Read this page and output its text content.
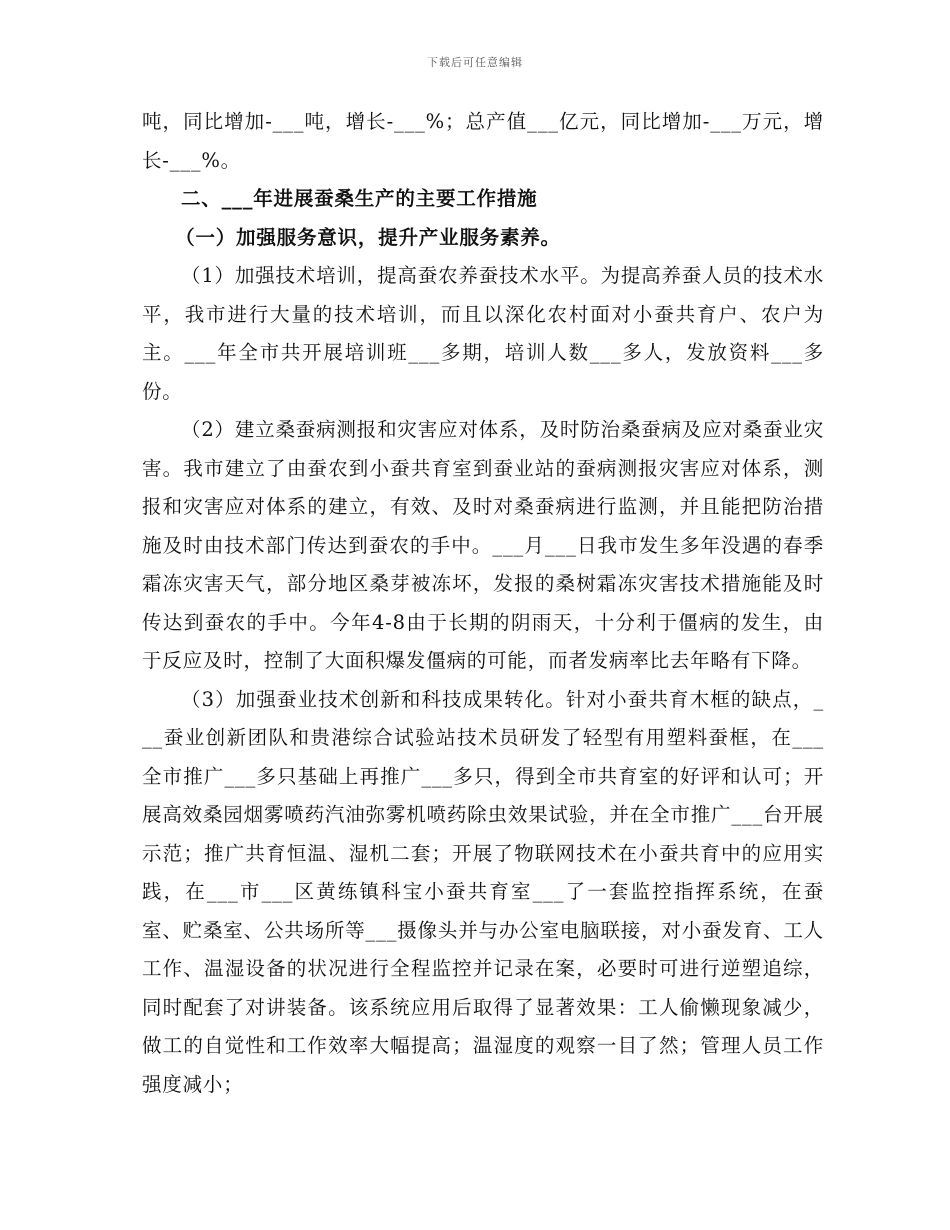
下载后可任意编辑

吨，同比增加-___吨，增长-___%；总产值___亿元，同比增加-___万元，增长-___%。

二、___年进展蚕桑生产的主要工作措施

（一）加强服务意识，提升产业服务素养。

（1）加强技术培训，提高蚕农养蚕技术水平。为提高养蚕人员的技术水平，我市进行大量的技术培训，而且以深化农村面对小蚕共育户、农户为主。___年全市共开展培训班___多期，培训人数___多人，发放资料___多份。

（2）建立桑蚕病测报和灾害应对体系，及时防治桑蚕病及应对桑蚕业灾害。我市建立了由蚕农到小蚕共育室到蚕业站的蚕病测报灾害应对体系，测报和灾害应对体系的建立，有效、及时对桑蚕病进行监测，并且能把防治措施及时由技术部门传达到蚕农的手中。___月___日我市发生多年没遇的春季霜冻灾害天气，部分地区桑芽被冻坏，发报的桑树霜冻灾害技术措施能及时传达到蚕农的手中。今年4-8由于长期的阴雨天，十分利于僵病的发生，由于反应及时，控制了大面积爆发僵病的可能，而者发病率比去年略有下降。

（3）加强蚕业技术创新和科技成果转化。针对小蚕共育木框的缺点，___蚕业创新团队和贵港综合试验站技术员研发了轻型有用塑料蚕框，在___全市推广___多只基础上再推广___多只，得到全市共育室的好评和认可；开展高效桑园烟雾喷药汽油弥雾机喷药除虫效果试验，并在全市推广___台开展示范；推广共育恒温、湿机二套；开展了物联网技术在小蚕共育中的应用实践，在___市___区黄练镇科宝小蚕共育室___了一套监控指挥系统，在蚕室、贮桑室、公共场所等___摄像头并与办公室电脑联接，对小蚕发育、工人工作、温湿设备的状况进行全程监控并记录在案，必要时可进行逆塑追综，同时配套了对讲装备。该系统应用后取得了显著效果：工人偷懒现象减少，做工的自觉性和工作效率大幅提高；温湿度的观察一目了然；管理人员工作强度减小；
